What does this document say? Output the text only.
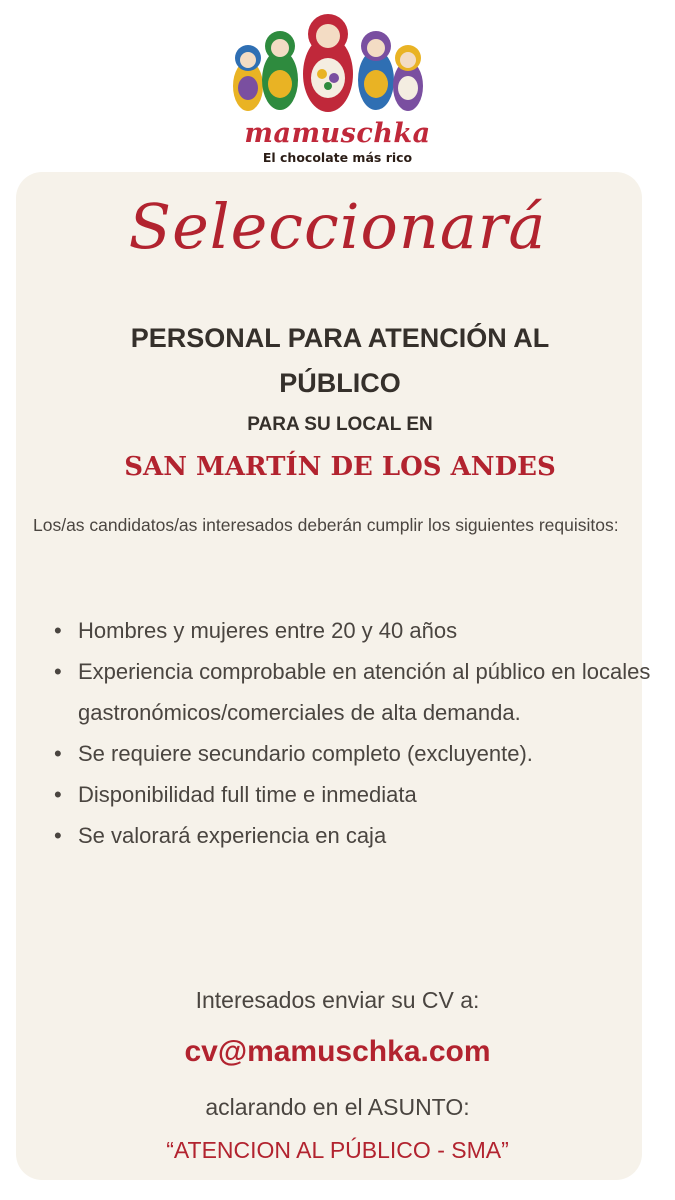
mamuschka
El chocolate más rico
Seleccionará
PERSONAL PARA ATENCIÓN AL
PÚBLICO
PARA SU LOCAL EN
SAN MARTÍN DE LOS ANDES
Los/as candidatos/as interesados deberán cumplir los siguientes requisitos:
• Hombres y mujeres entre 20 y 40 años
• Experiencia comprobable en atención al público en locales gastronómicos/comerciales de alta demanda.
• Se requiere secundario completo (excluyente).
• Disponibilidad full time e inmediata
• Se valorará experiencia en caja
Interesados enviar su CV a:
cv@mamuschka.com
aclarando en el ASUNTO:
“ATENCION AL PÚBLICO - SMA”
